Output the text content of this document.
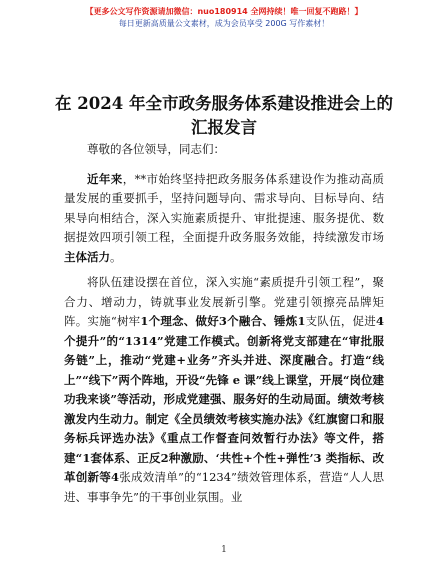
【更多公文写作资源请加微信：nuo180914 全网持续！唯一回复不跑路！】
每日更新高质量公文素材，成为会员享受 200G 写作素材！
在 2024 年全市政务服务体系建设推进会上的汇报发言

尊敬的各位领导，同志们：

近年来，**市始终坚持把政务服务体系建设作为推动高质量发展的重要抓手，坚持问题导向、需求导向、目标导向、结果导向相结合，深入实施素质提升、审批提速、服务提优、数据提效四项引领工程，全面提升政务服务效能，持续激发市场主体活力。

将队伍建设摆在首位，深入实施“素质提升引领工程”，聚合力、增动力，铸就事业发展新引擎。党建引领擦亮品牌矩阵。实施“树牢1个理念、做好3个融合、锤炼1支队伍，促进4个提升”的“1314”党建工作模式。创新将党支部建在“审批服务链”上，推动“党建+业务”齐头并进、深度融合。打造“线上”“线下”两个阵地，开设“先锋 e 课”线上课堂，开展“岗位建功我来谈”等活动，形成党建强、服务好的生动局面。绩效考核激发内生动力。制定《全员绩效考核实施办法》《红旗窗口和服务标兵评选办法》《重点工作督查问效暂行办法》等文件，搭建“1套体系、正反2种激励、‘共性+个性+弹性’3 类指标、改革创新等4张成效清单”的“1234”绩效管理体系，营造“人人思进、事事争先”的干事创业氛围。业

1
